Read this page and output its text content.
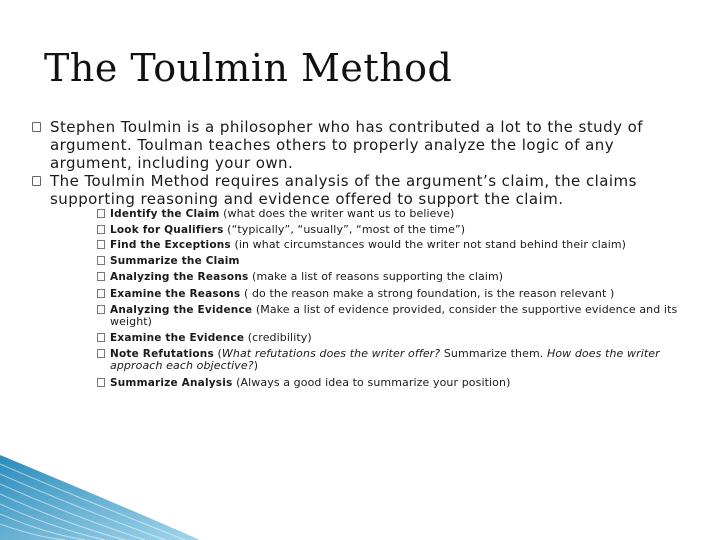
The Toulmin Method
Stephen Toulmin is a philosopher who has contributed a lot to the study of argument. Toulman teaches others to properly analyze the logic of any argument, including your own.
The Toulmin Method requires analysis of the argument’s claim, the claims supporting reasoning and evidence offered to support the claim.
Identify the Claim (what does the writer want us to believe)
Look for Qualifiers (“typically”, “usually”, “most of the time”)
Find the Exceptions (in what circumstances would the writer not stand behind their claim)
Summarize the Claim
Analyzing the Reasons (make a list of reasons supporting the claim)
Examine the Reasons ( do the reason make a strong foundation, is the reason relevant )
Analyzing the Evidence (Make a list of evidence provided, consider the supportive evidence and its weight)
Examine the Evidence (credibility)
Note Refutations (What refutations does the writer offer? Summarize them. How does the writer approach each objective?)
Summarize Analysis (Always a good idea to summarize your position)
